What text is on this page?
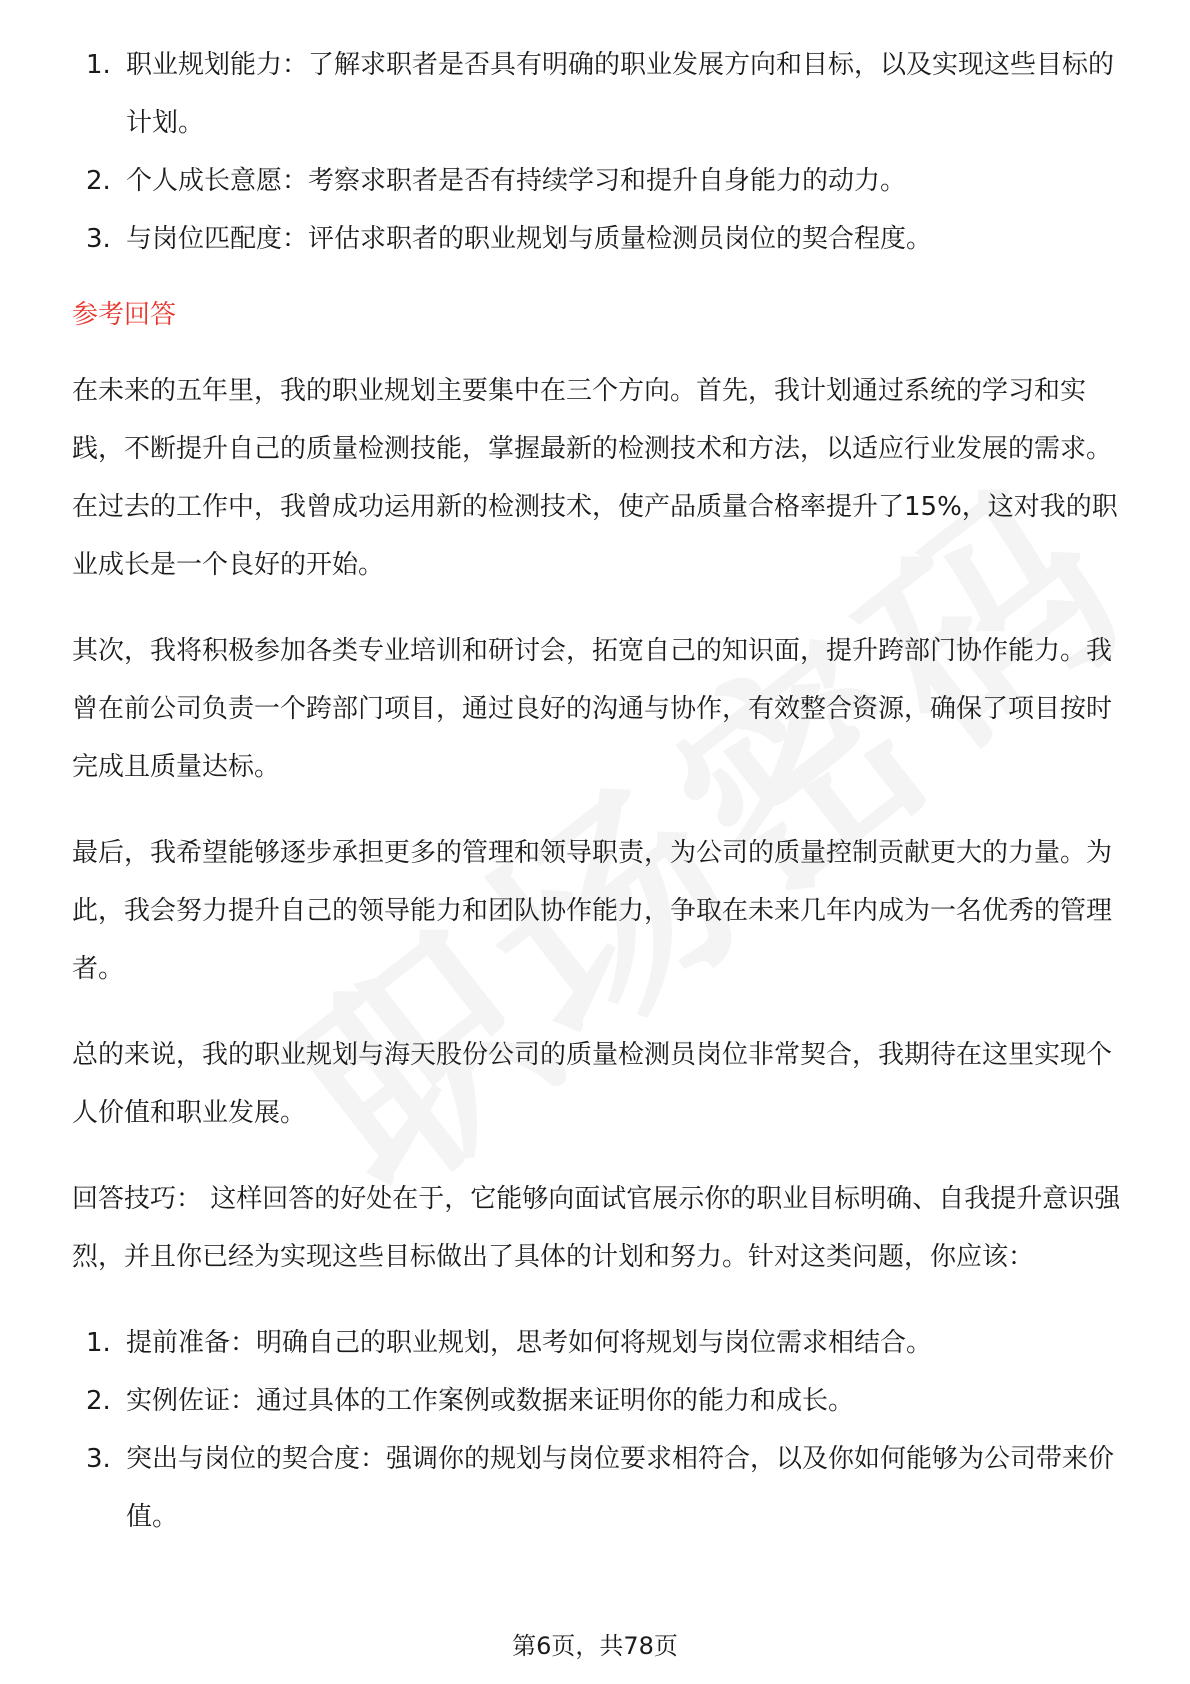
1. 职业规划能力：了解求职者是否具有明确的职业发展方向和目标，以及实现这些目标的计划。
2. 个人成长意愿：考察求职者是否有持续学习和提升自身能力的动力。
3. 与岗位匹配度：评估求职者的职业规划与质量检测员岗位的契合程度。
参考回答

在未来的五年里，我的职业规划主要集中在三个方向。首先，我计划通过系统的学习和实践，不断提升自己的质量检测技能，掌握最新的检测技术和方法，以适应行业发展的需求。在过去的工作中，我曾成功运用新的检测技术，使产品质量合格率提升了15%，这对我的职业成长是一个良好的开始。

其次，我将积极参加各类专业培训和研讨会，拓宽自己的知识面，提升跨部门协作能力。我曾在前公司负责一个跨部门项目，通过良好的沟通与协作，有效整合资源，确保了项目按时完成且质量达标。

最后，我希望能够逐步承担更多的管理和领导职责，为公司的质量控制贡献更大的力量。为此，我会努力提升自己的领导能力和团队协作能力，争取在未来几年内成为一名优秀的管理者。

总的来说，我的职业规划与海天股份公司的质量检测员岗位非常契合，我期待在这里实现个人价值和职业发展。

回答技巧： 这样回答的好处在于，它能够向面试官展示你的职业目标明确、自我提升意识强烈，并且你已经为实现这些目标做出了具体的计划和努力。针对这类问题，你应该：

1. 提前准备：明确自己的职业规划，思考如何将规划与岗位需求相结合。
2. 实例佐证：通过具体的工作案例或数据来证明你的能力和成长。
3. 突出与岗位的契合度：强调你的规划与岗位要求相符合，以及你如何能够为公司带来价值。
第6页，共78页
